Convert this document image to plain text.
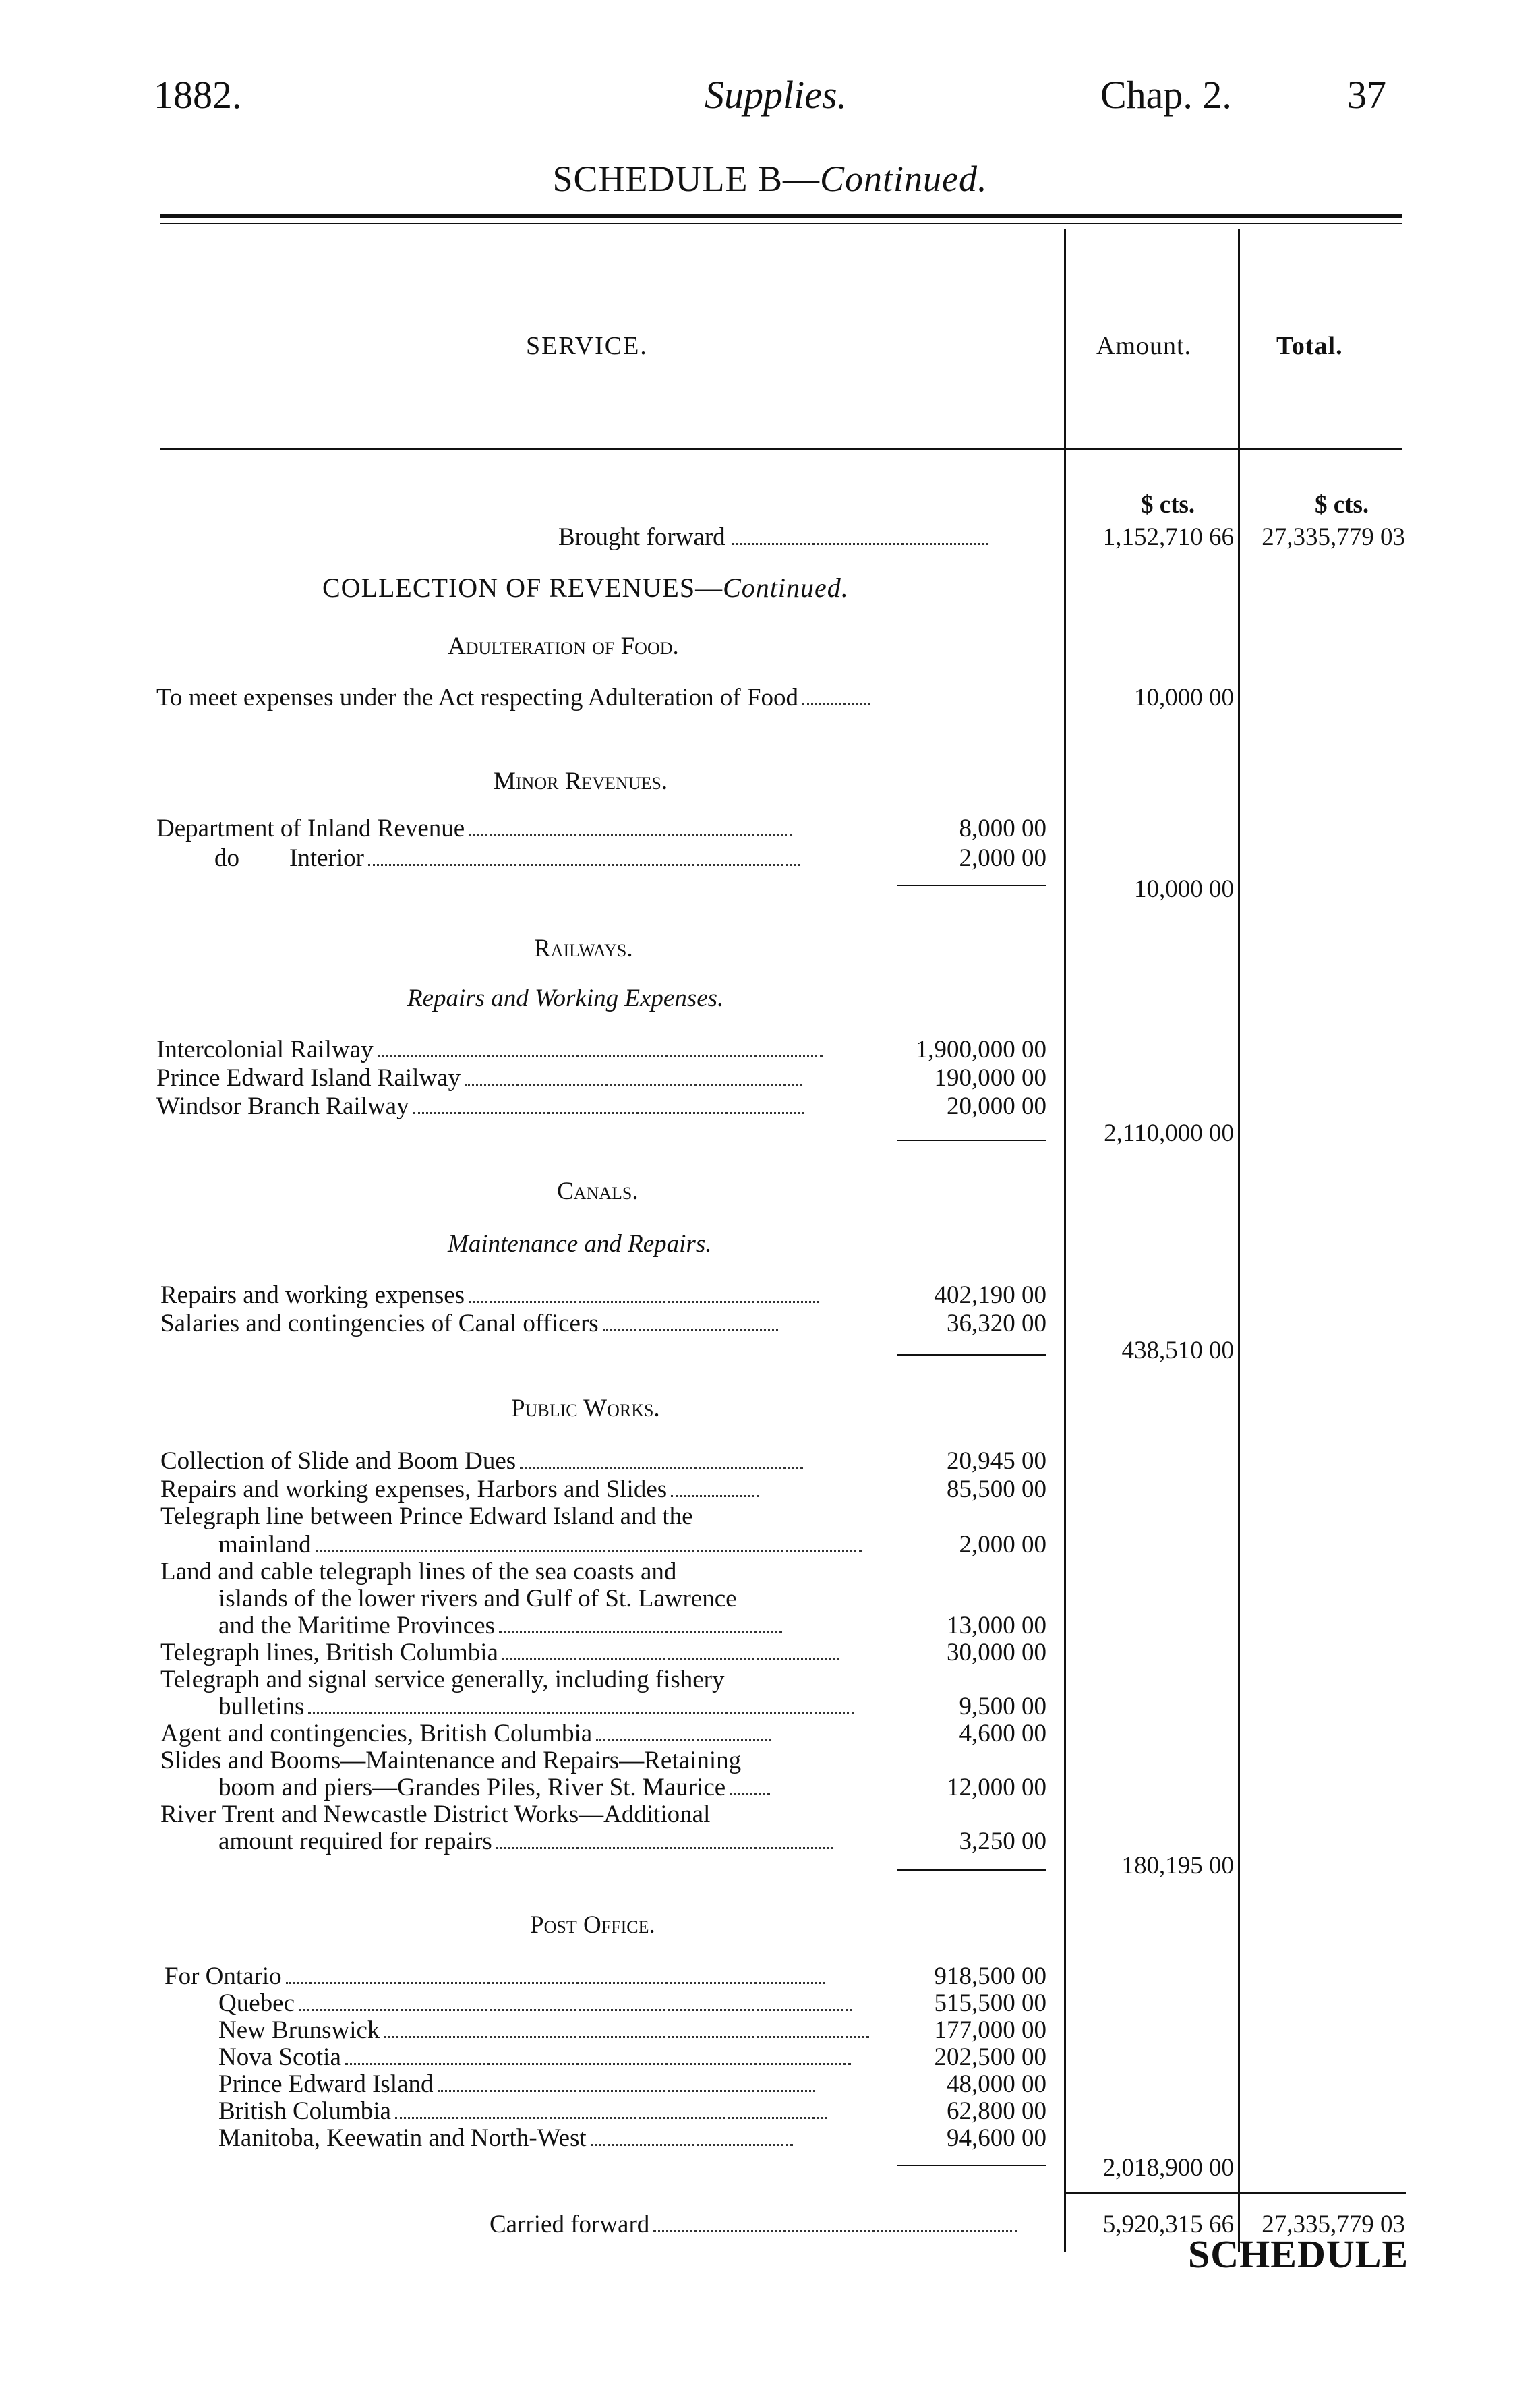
1882.	Supplies.	Chap. 2.	37
SCHEDULE B—Continued.
SERVICE.	Amount.	Total.
$ cts.	$ cts.
Brought forward	1,152,710 66	27,335,779 03
COLLECTION OF REVENUES—Continued.
Adulteration of Food.
To meet expenses under the Act respecting Adulteration of Food	10,000 00
Minor Revenues.
Department of Inland Revenue	8,000 00
do        Interior	2,000 00
10,000 00
Railways.
Repairs and Working Expenses.
Intercolonial Railway	1,900,000 00
Prince Edward Island Railway	190,000 00
Windsor Branch Railway	20,000 00
2,110,000 00
Canals.
Maintenance and Repairs.
Repairs and working expenses	402,190 00
Salaries and contingencies of Canal officers	36,320 00
438,510 00
Public Works.
Collection of Slide and Boom Dues	20,945 00
Repairs and working expenses, Harbors and Slides	85,500 00
Telegraph line between Prince Edward Island and the
mainland	2,000 00
Land and cable telegraph lines of the sea coasts and
islands of the lower rivers and Gulf of St. Lawrence
and the Maritime Provinces	13,000 00
Telegraph lines, British Columbia	30,000 00
Telegraph and signal service generally, including fishery
bulletins	9,500 00
Agent and contingencies, British Columbia	4,600 00
Slides and Booms—Maintenance and Repairs—Retaining
boom and piers—Grandes Piles, River St. Maurice	12,000 00
River Trent and Newcastle District Works—Additional
amount required for repairs	3,250 00
180,195 00
Post Office.
For Ontario	918,500 00
Quebec	515,500 00
New Brunswick	177,000 00
Nova Scotia	202,500 00
Prince Edward Island	48,000 00
British Columbia	62,800 00
Manitoba, Keewatin and North-West	94,600 00
2,018,900 00
Carried forward	5,920,315 66	27,335,779 03
SCHEDULE
